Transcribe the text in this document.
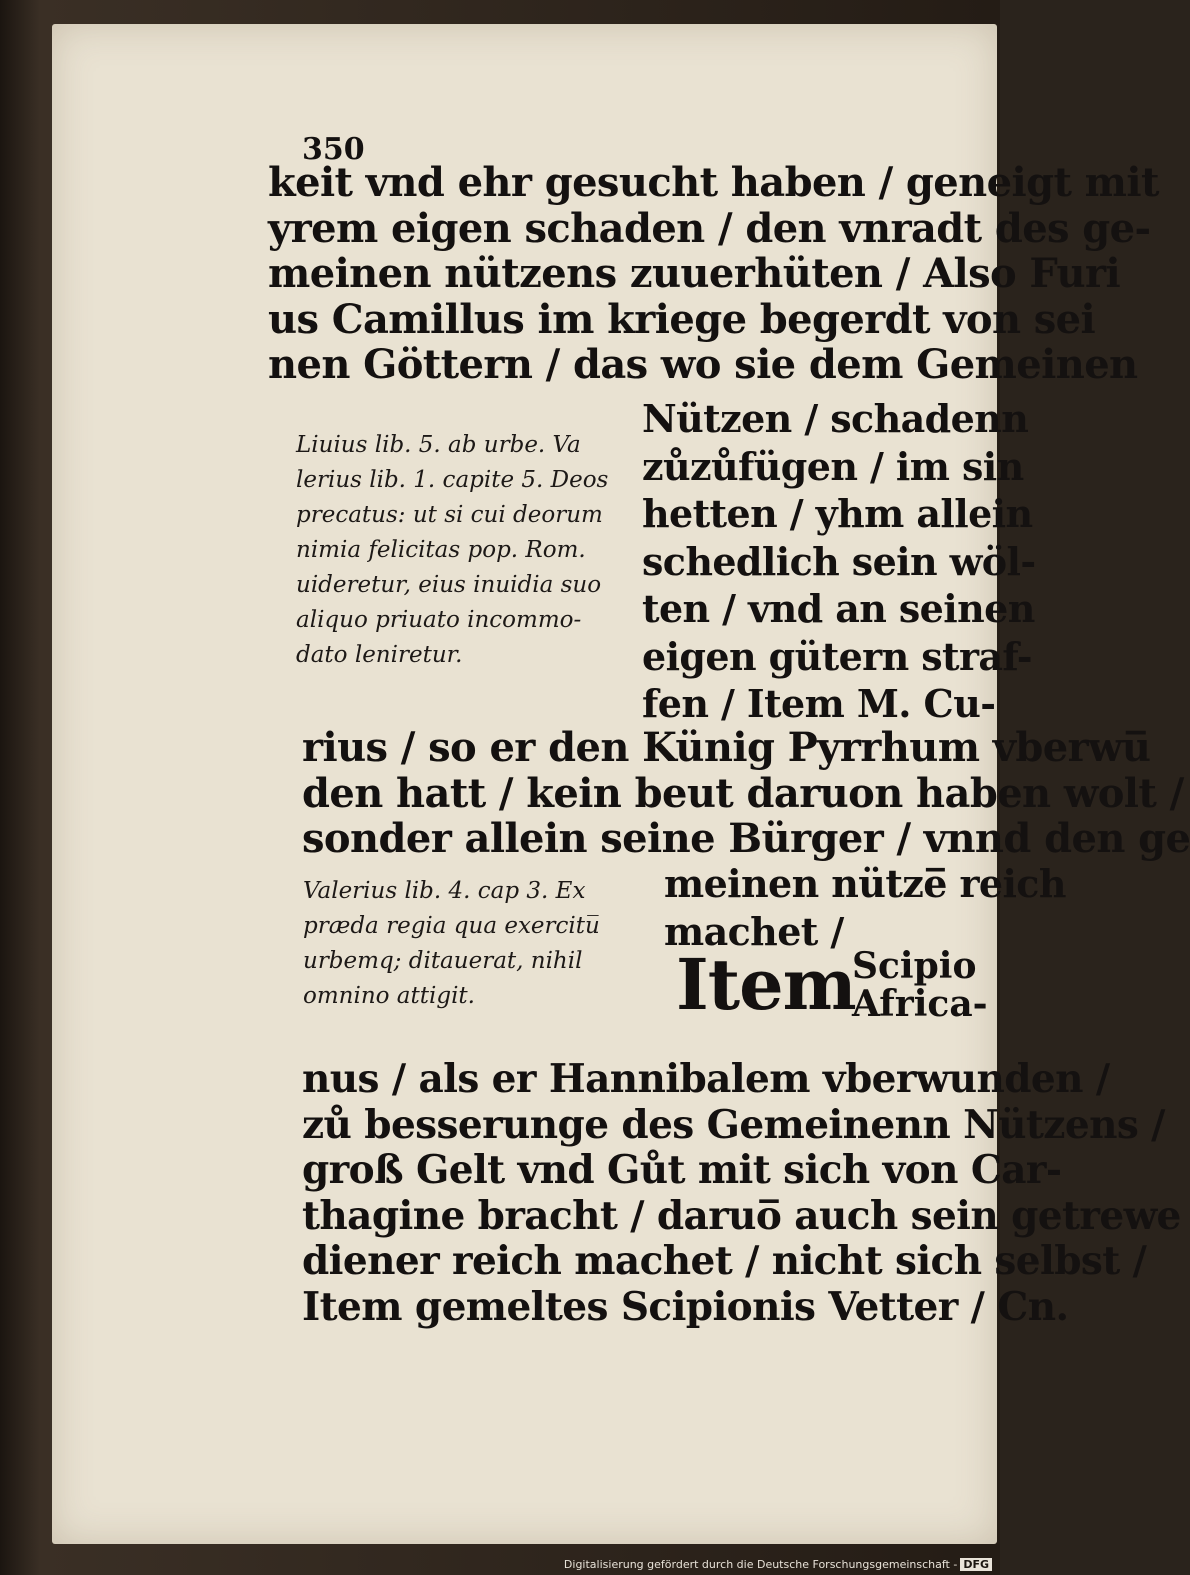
350
keit vnd ehr gesucht haben / geneigt mit
yrem eigen schaden / den vnradt des ge-
meinen nützens zuuerhüten / Also Furi
us Camillus im kriege begerdt von sei
nen Göttern / das wo sie dem Gemeinen
Nützen / schadenn
zůzůfügen / im sin
hetten / yhm allein
schedlich sein wöl-
ten / vnd an seinen
eigen gütern straf-
fen / Item M. Cu-
Liuius lib. 5. ab urbe. Va
lerius lib. 1. capite 5. Deos
precatus: ut si cui deorum
nimia felicitas pop. Rom.
uideretur, eius inuidia suo
aliquo priuato incommo-
dato leniretur.
rius / so er den Künig Pyrrhum vberwu̅
den hatt / kein beut daruon haben wolt /
sonder allein seine Bürger / vnnd den ge
meinen nütze̅ reich
machet /
Valerius lib. 4. cap 3. Ex
præda regia qua exercitu̅
urbemq; ditauerat, nihil
omnino attigit.	Item
Scipio
Africa-
nus / als er Hannibalem vberwunden /
zů besserunge des Gemeinenn Nützens /
groß Gelt vnd Gůt mit sich von Car-
thagine bracht / daruo̅ auch sein getrewe
diener reich machet / nicht sich selbst /
Item gemeltes Scipionis Vetter / Cn.
Digitalisierung gefördert durch die Deutsche Forschungsgemeinschaft - DFG
